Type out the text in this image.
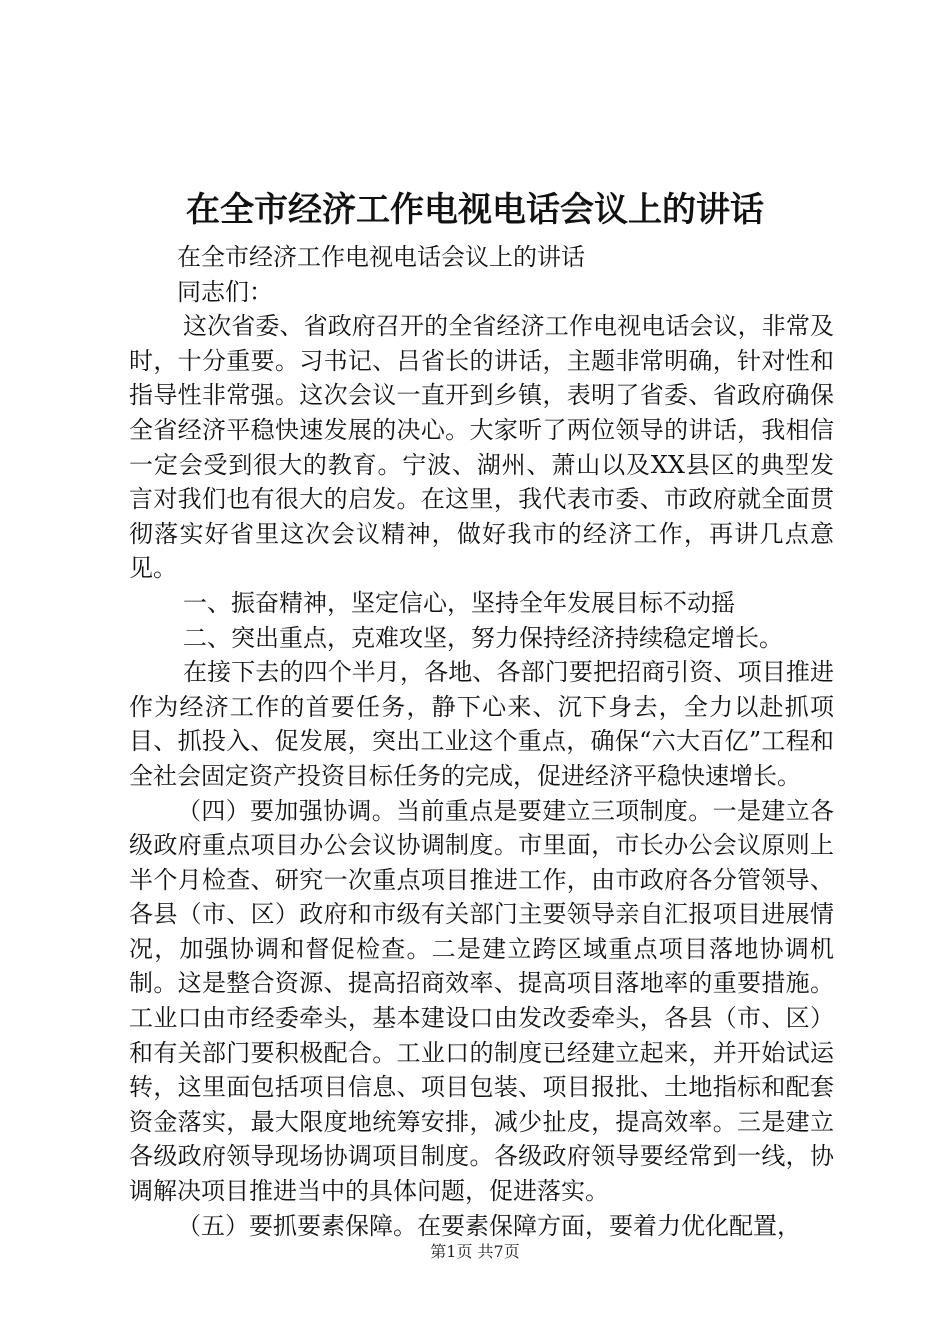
在全市经济工作电视电话会议上的讲话

在全市经济工作电视电话会议上的讲话

同志们：

这次省委、省政府召开的全省经济工作电视电话会议，非常及时，十分重要。习书记、吕省长的讲话，主题非常明确，针对性和指导性非常强。这次会议一直开到乡镇，表明了省委、省政府确保全省经济平稳快速发展的决心。大家听了两位领导的讲话，我相信一定会受到很大的教育。宁波、湖州、萧山以及XX县区的典型发言对我们也有很大的启发。在这里，我代表市委、市政府就全面贯彻落实好省里这次会议精神，做好我市的经济工作，再讲几点意见。

一、振奋精神，坚定信心，坚持全年发展目标不动摇

二、突出重点，克难攻坚，努力保持经济持续稳定增长。

在接下去的四个半月，各地、各部门要把招商引资、项目推进作为经济工作的首要任务，静下心来、沉下身去，全力以赴抓项目、抓投入、促发展，突出工业这个重点，确保“六大百亿”工程和全社会固定资产投资目标任务的完成，促进经济平稳快速增长。

（四）要加强协调。当前重点是要建立三项制度。一是建立各级政府重点项目办公会议协调制度。市里面，市长办公会议原则上半个月检查、研究一次重点项目推进工作，由市政府各分管领导、各县（市、区）政府和市级有关部门主要领导亲自汇报项目进展情况，加强协调和督促检查。二是建立跨区域重点项目落地协调机制。这是整合资源、提高招商效率、提高项目落地率的重要措施。工业口由市经委牵头，基本建设口由发改委牵头，各县（市、区）和有关部门要积极配合。工业口的制度已经建立起来，并开始试运转，这里面包括项目信息、项目包装、项目报批、土地指标和配套资金落实，最大限度地统筹安排，减少扯皮，提高效率。三是建立各级政府领导现场协调项目制度。各级政府领导要经常到一线，协调解决项目推进当中的具体问题，促进落实。

（五）要抓要素保障。在要素保障方面，要着力优化配置，

第1页 共7页
